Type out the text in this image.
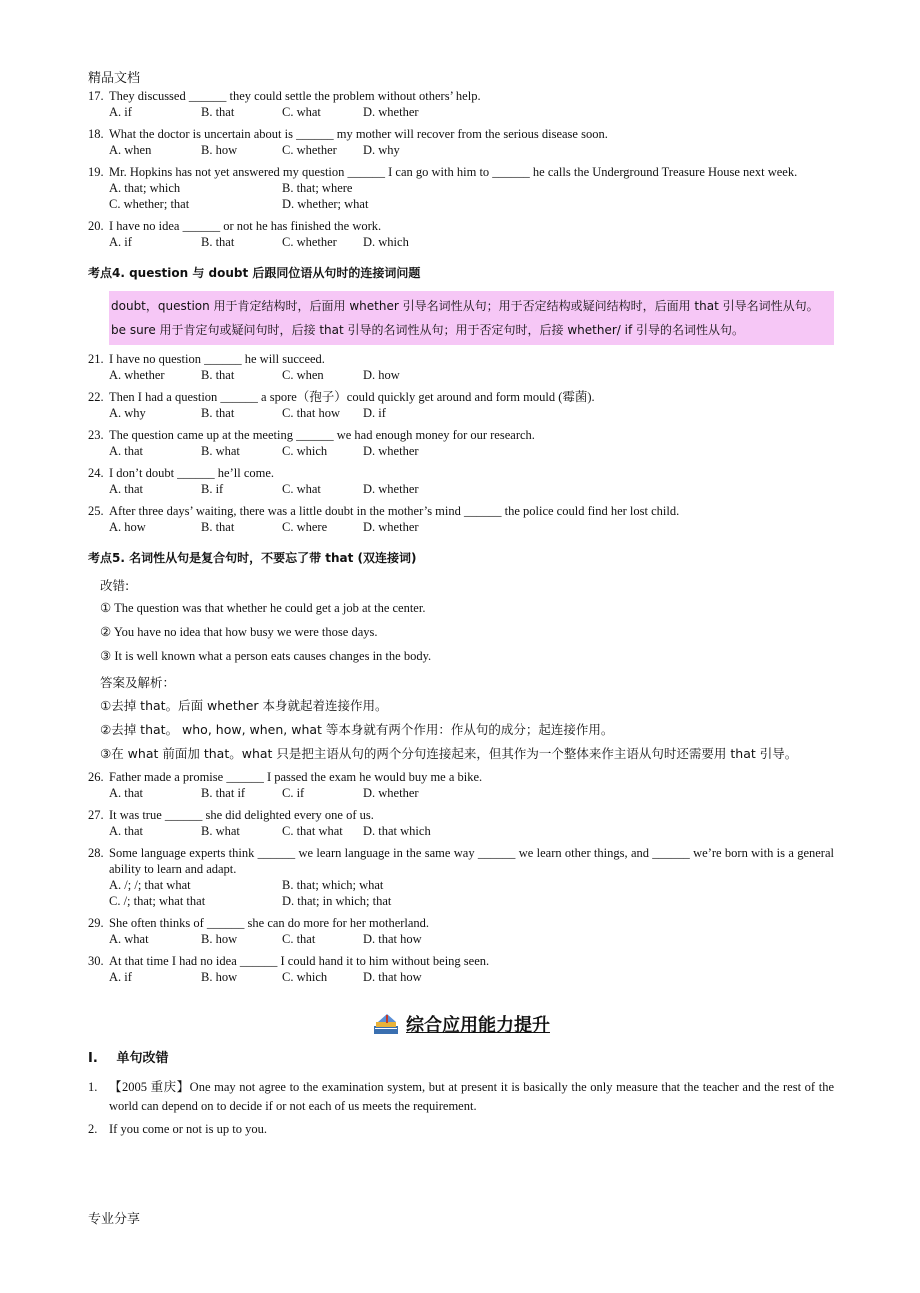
精品文档
17. They discussed ______ they could settle the problem without others’ help.
A. if	B. that	C. what	D. whether
18. What the doctor is uncertain about is ______ my mother will recover from the serious disease soon.
A. when	B. how	C. whether	D. why
19. Mr. Hopkins has not yet answered my question ______ I can go with him to ______ he calls the Underground Treasure House next week.
A. that; which	B. that; where
C. whether; that	D. whether; what
20. I have no idea ______ or not he has finished the work.
A. if	B. that	C. whether	D. which
考点4. question 与 doubt 后跟同位语从句时的连接词问题
doubt，question 用于肯定结构时，后面用 whether 引导名词性从句；用于否定结构或疑问结构时，后面用 that 引导名词性从句。be sure 用于肯定句或疑问句时，后接 that 引导的名词性从句；用于否定句时，后接 whether/ if 引导的名词性从句。
21. I have no question ______ he will succeed.
A. whether	B. that	C. when	D. how
22. Then I had a question ______ a spore（孢子）could quickly get around and form mould (霉菌).
A. why	B. that	C. that how	D. if
23. The question came up at the meeting ______ we had enough money for our research.
A. that	B. what	C. which	D. whether
24. I don’t doubt ______ he’ll come.
A. that	B. if	C. what	D. whether
25. After three days’ waiting, there was a little doubt in the mother’s mind ______ the police could find her lost child.
A. how	B. that	C. where	D. whether
考点5. 名词性从句是复合句时，不要忘了带 that (双连接词)
改错:
① The question was that whether he could get a job at the center.
② You have no idea that how busy we were those days.
③ It is well known what a person eats causes changes in the body.
答案及解析：
①去掉 that。后面 whether 本身就起着连接作用。
②去掉 that。 who, how, when, what 等本身就有两个作用：作从句的成分；起连接作用。
③在 what 前面加 that。what 只是把主语从句的两个分句连接起来，但其作为一个整体来作主语从句时还需要用 that 引导。
26. Father made a promise ______ I passed the exam he would buy me a bike.
A. that	B. that if	C. if	D. whether
27. It was true ______ she did delighted every one of us.
A. that	B. what	C. that what	D. that which
28. Some language experts think ______ we learn language in the same way ______ we learn other things, and ______ we’re born with is a general ability to learn and adapt.
A. /; /; that what	B. that; which; what
C. /; that; what that	D. that; in which; that
29. She often thinks of ______ she can do more for her motherland.
A. what	B. how	C. that	D. that how
30. At that time I had no idea ______ I could hand it to him without being seen.
A. if	B. how	C. which	D. that how
综合应用能力提升
I. 单句改错
1. 【2005 重庆】One may not agree to the examination system, but at present it is basically the only measure that the teacher and the rest of the world can depend on to decide if or not each of us meets the requirement.
2. If you come or not is up to you.
专业分享
